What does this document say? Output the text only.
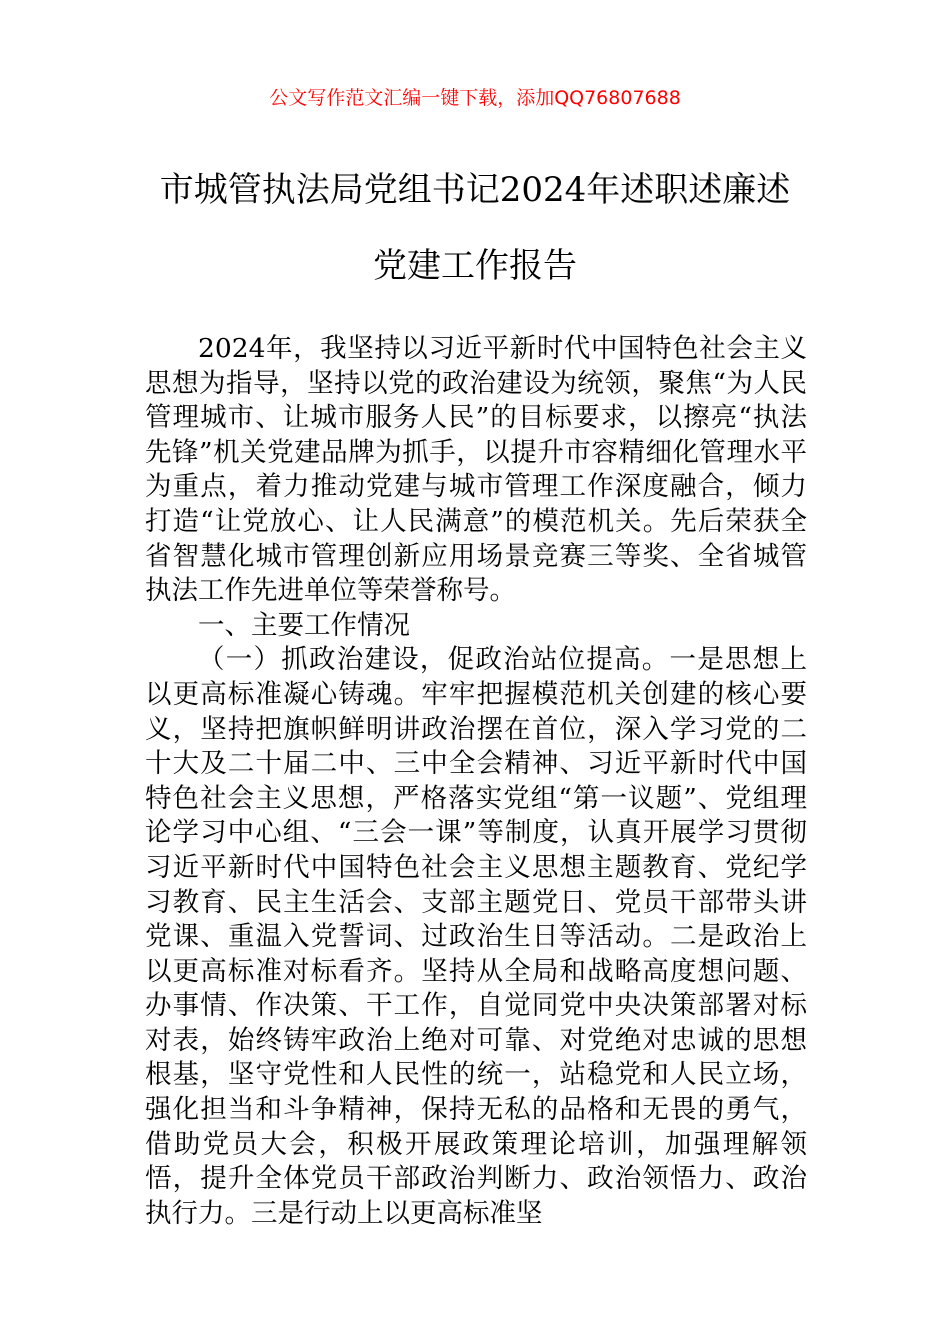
公文写作范文汇编一键下载，添加QQ76807688
市城管执法局党组书记2024年述职述廉述
党建工作报告

2024年，我坚持以习近平新时代中国特色社会主义思想为指导，坚持以党的政治建设为统领，聚焦“为人民管理城市、让城市服务人民”的目标要求，以擦亮“执法先锋”机关党建品牌为抓手，以提升市容精细化管理水平为重点，着力推动党建与城市管理工作深度融合，倾力打造“让党放心、让人民满意”的模范机关。先后荣获全省智慧化城市管理创新应用场景竞赛三等奖、全省城管执法工作先进单位等荣誉称号。

一、主要工作情况

（一）抓政治建设，促政治站位提高。一是思想上以更高标准凝心铸魂。牢牢把握模范机关创建的核心要义，坚持把旗帜鲜明讲政治摆在首位，深入学习党的二十大及二十届二中、三中全会精神、习近平新时代中国特色社会主义思想，严格落实党组“第一议题”、党组理论学习中心组、“三会一课”等制度，认真开展学习贯彻习近平新时代中国特色社会主义思想主题教育、党纪学习教育、民主生活会、支部主题党日、党员干部带头讲党课、重温入党誓词、过政治生日等活动。二是政治上以更高标准对标看齐。坚持从全局和战略高度想问题、办事情、作决策、干工作，自觉同党中央决策部署对标对表，始终铸牢政治上绝对可靠、对党绝对忠诚的思想根基，坚守党性和人民性的统一，站稳党和人民立场，强化担当和斗争精神，保持无私的品格和无畏的勇气，借助党员大会，积极开展政策理论培训，加强理解领悟，提升全体党员干部政治判断力、政治领悟力、政治执行力。三是行动上以更高标准坚
